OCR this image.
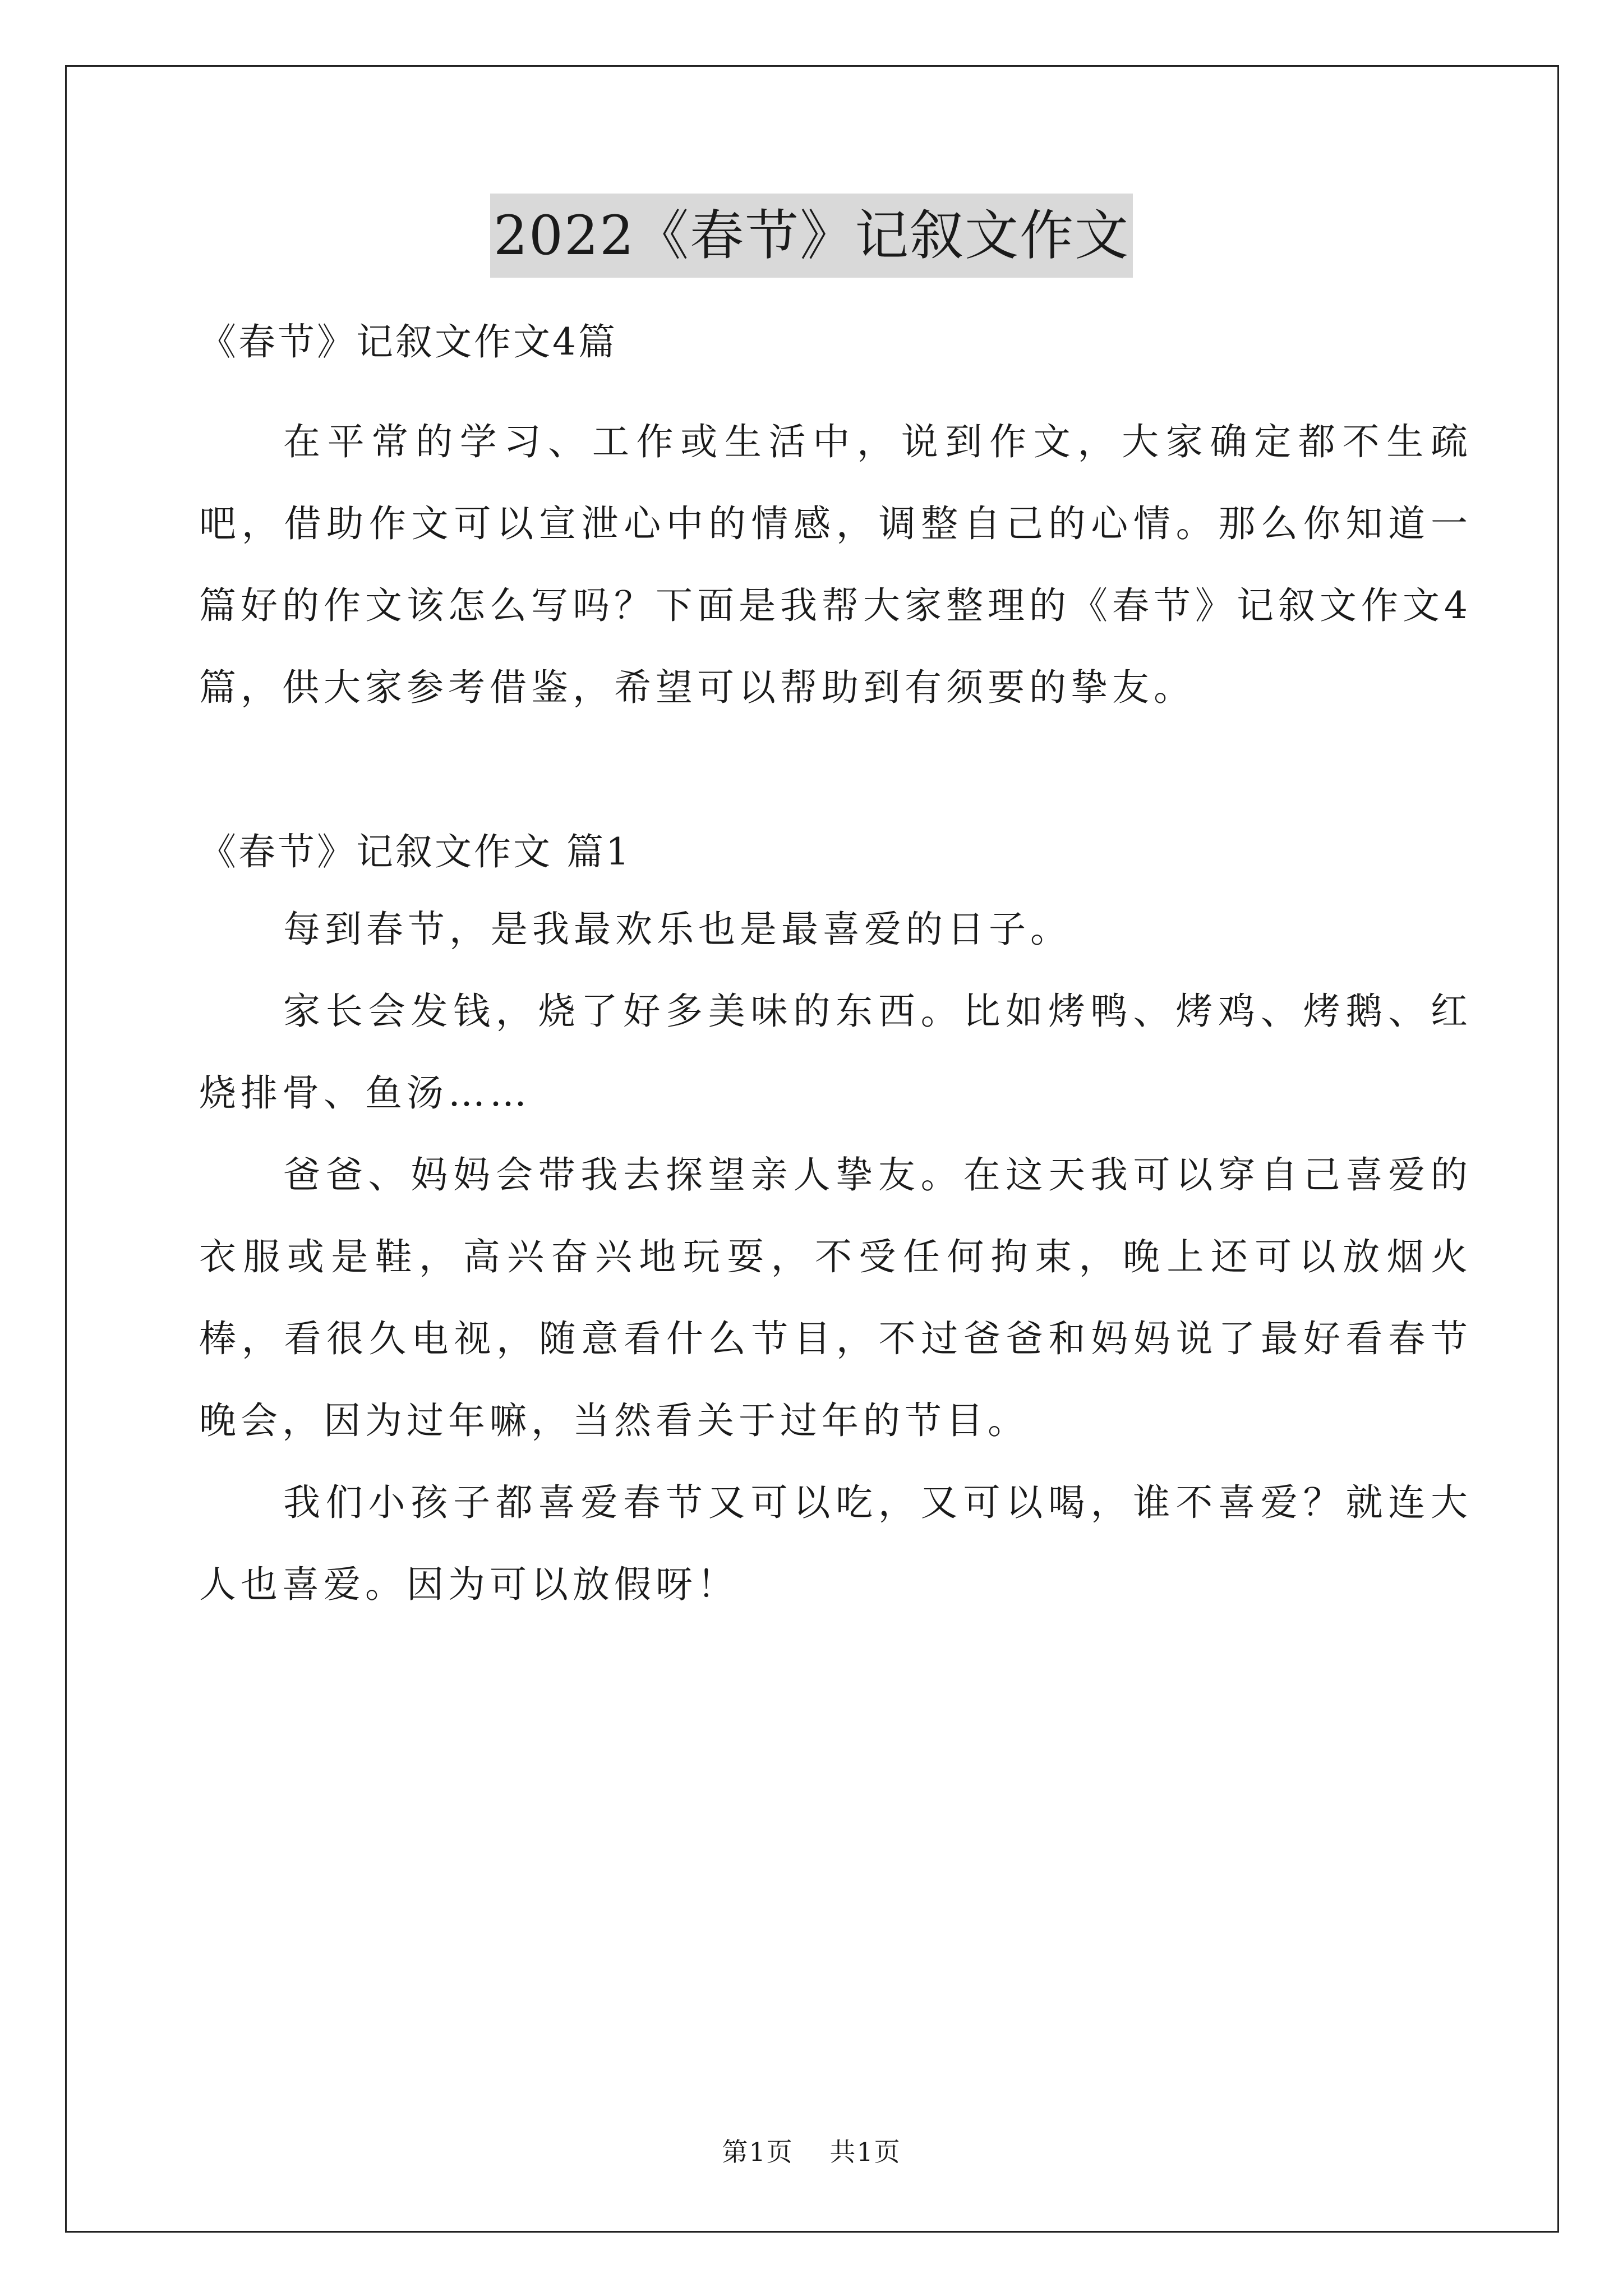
2022《春节》记叙文作文

《春节》记叙文作文4篇

在平常的学习、工作或生活中，说到作文，大家确定都不生疏吧，借助作文可以宣泄心中的情感，调整自己的心情。那么你知道一篇好的作文该怎么写吗？下面是我帮大家整理的《春节》记叙文作文4篇，供大家参考借鉴，希望可以帮助到有须要的挚友。

《春节》记叙文作文 篇1

每到春节，是我最欢乐也是最喜爱的日子。

家长会发钱，烧了好多美味的东西。比如烤鸭、烤鸡、烤鹅、红烧排骨、鱼汤……

爸爸、妈妈会带我去探望亲人挚友。在这天我可以穿自己喜爱的衣服或是鞋，高兴奋兴地玩耍，不受任何拘束，晚上还可以放烟火棒，看很久电视，随意看什么节目，不过爸爸和妈妈说了最好看春节晚会，因为过年嘛，当然看关于过年的节目。

我们小孩子都喜爱春节又可以吃，又可以喝，谁不喜爱？就连大人也喜爱。因为可以放假呀！

第1页 共1页
